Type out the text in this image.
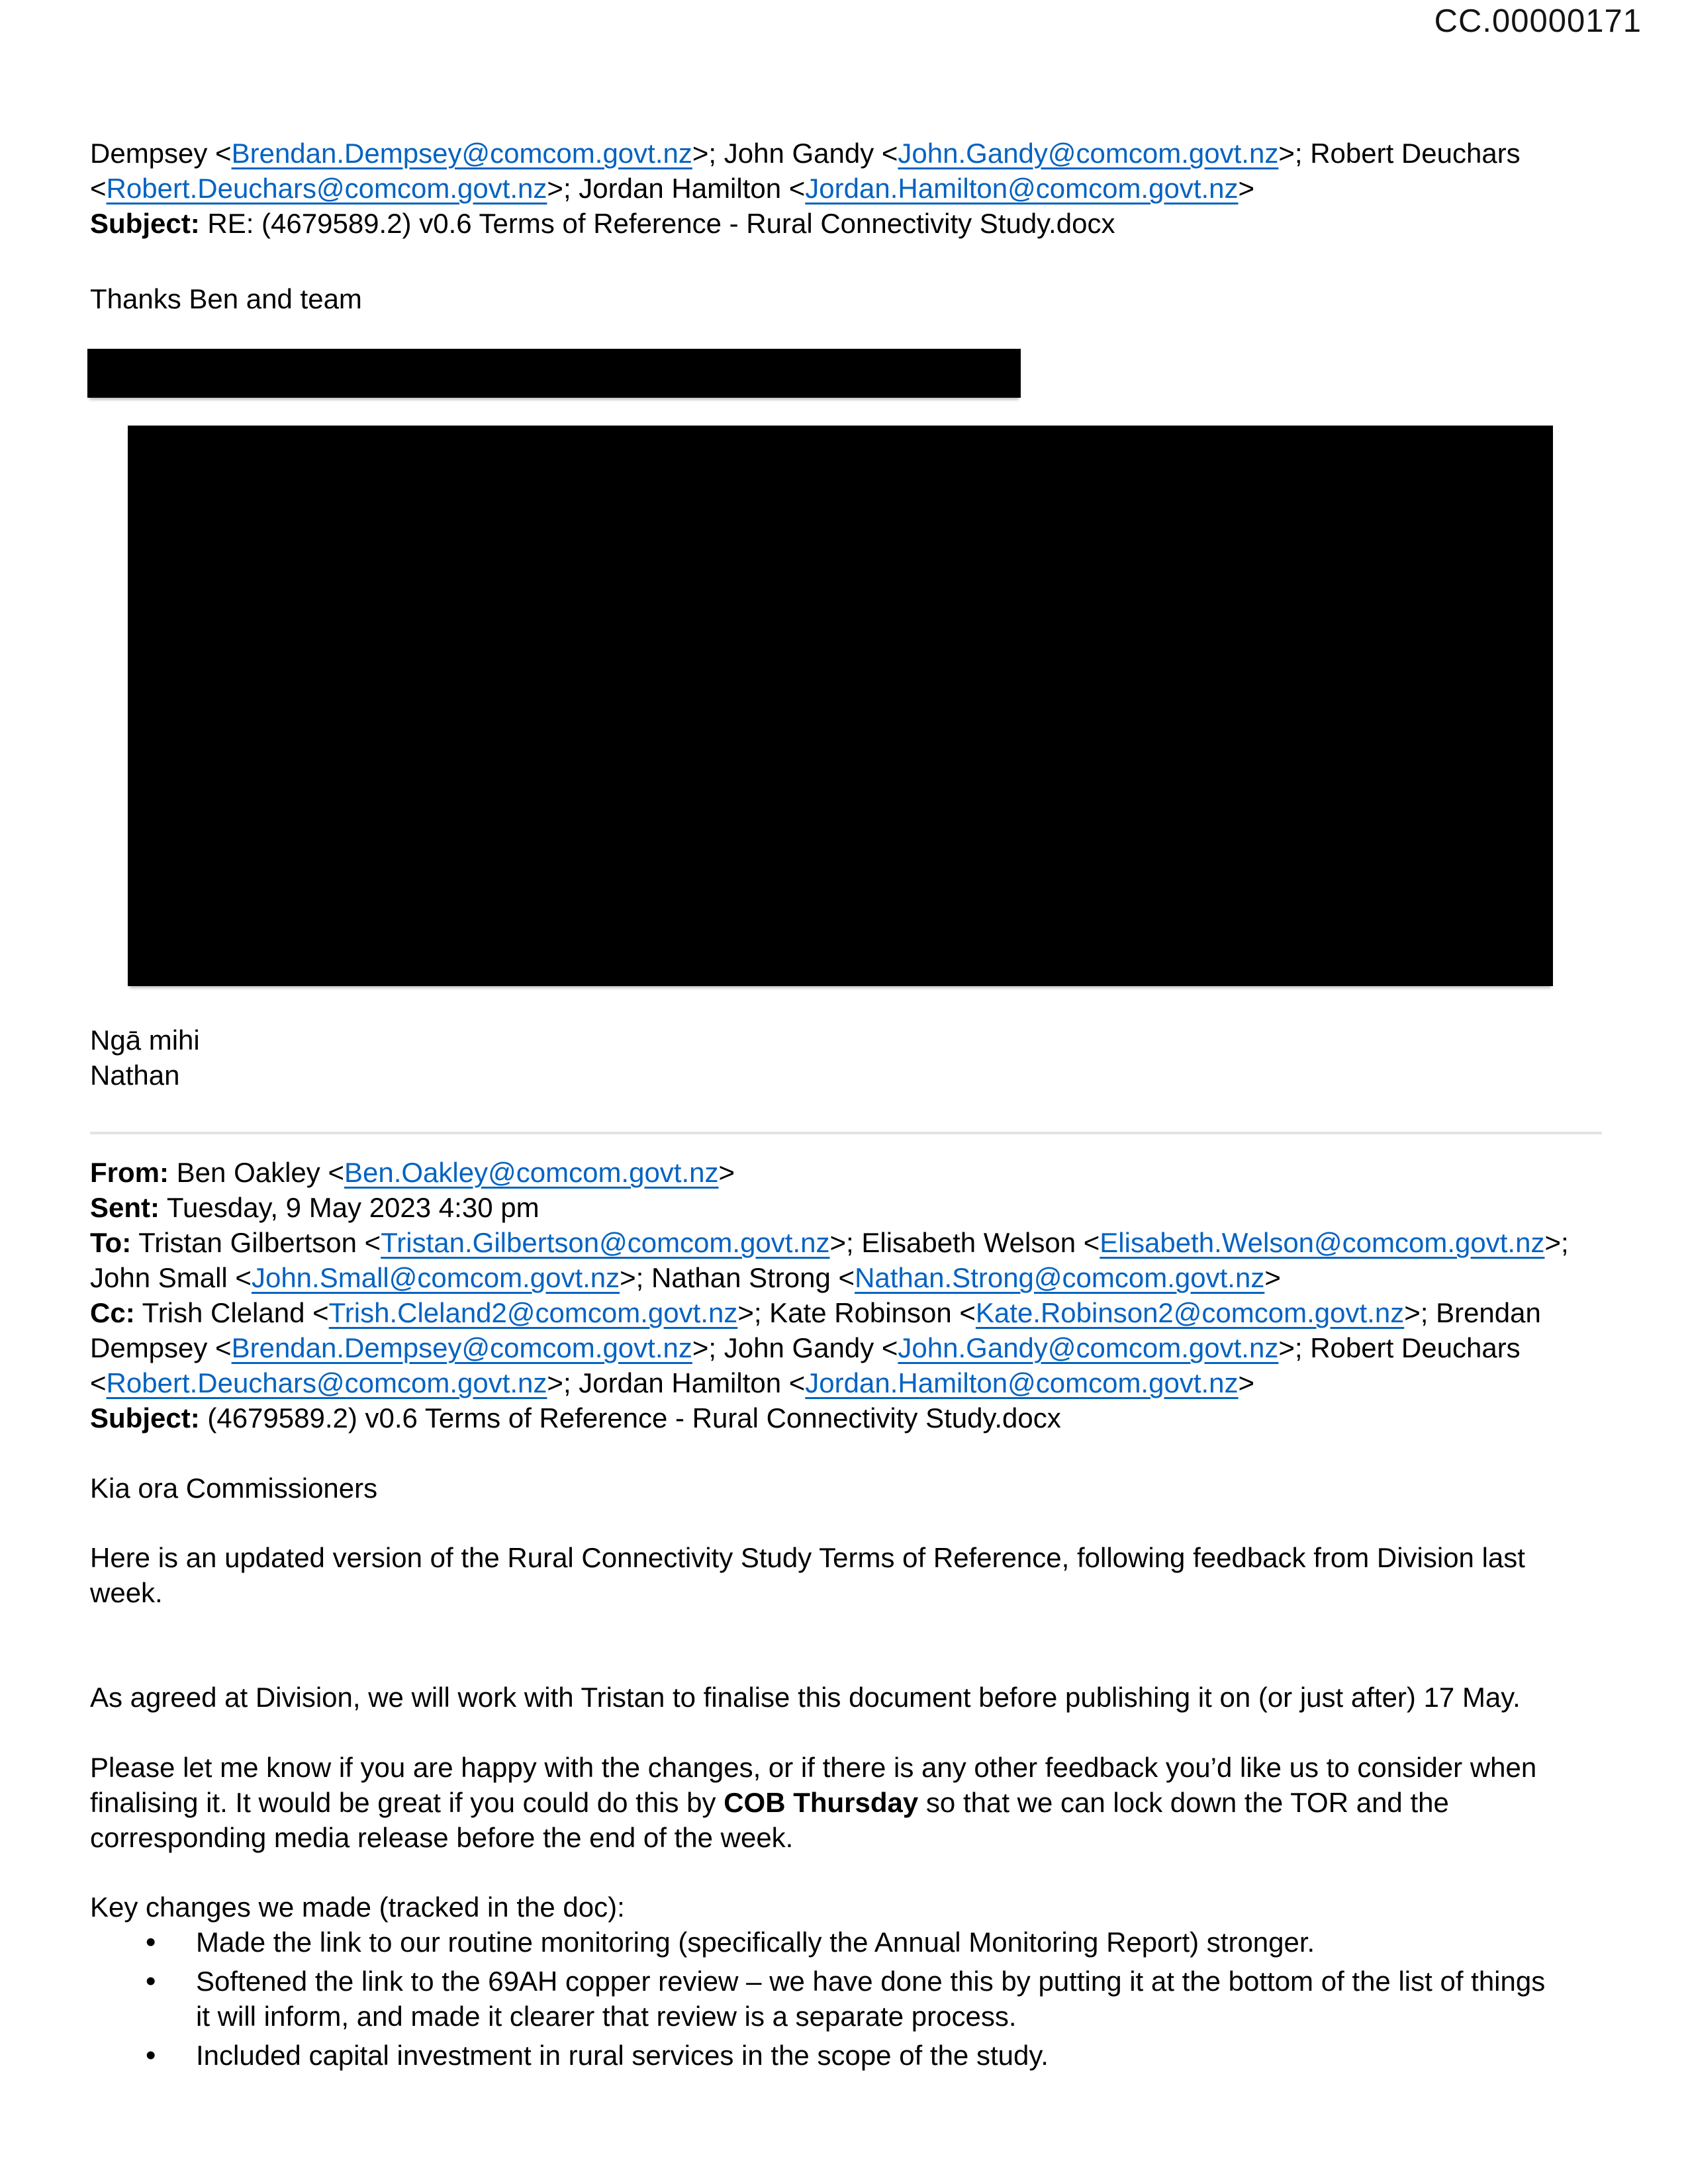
CC.00000171

Dempsey <Brendan.Dempsey@comcom.govt.nz>; John Gandy <John.Gandy@comcom.govt.nz>; Robert Deuchars
<Robert.Deuchars@comcom.govt.nz>; Jordan Hamilton <Jordan.Hamilton@comcom.govt.nz>

Subject: RE: (4679589.2) v0.6 Terms of Reference - Rural Connectivity Study.docx

Thanks Ben and team

Ngā mihi

Nathan

From: Ben Oakley <Ben.Oakley@comcom.govt.nz>

Sent: Tuesday, 9 May 2023 4:30 pm

To: Tristan Gilbertson <Tristan.Gilbertson@comcom.govt.nz>; Elisabeth Welson <Elisabeth.Welson@comcom.govt.nz>;
John Small <John.Small@comcom.govt.nz>; Nathan Strong <Nathan.Strong@comcom.govt.nz>

Cc: Trish Cleland <Trish.Cleland2@comcom.govt.nz>; Kate Robinson <Kate.Robinson2@comcom.govt.nz>; Brendan
Dempsey <Brendan.Dempsey@comcom.govt.nz>; John Gandy <John.Gandy@comcom.govt.nz>; Robert Deuchars
<Robert.Deuchars@comcom.govt.nz>; Jordan Hamilton <Jordan.Hamilton@comcom.govt.nz>

Subject: (4679589.2) v0.6 Terms of Reference - Rural Connectivity Study.docx

Kia ora Commissioners

Here is an updated version of the Rural Connectivity Study Terms of Reference, following feedback from Division last
week.

As agreed at Division, we will work with Tristan to finalise this document before publishing it on (or just after) 17 May.

Please let me know if you are happy with the changes, or if there is any other feedback you’d like us to consider when
finalising it. It would be great if you could do this by COB Thursday so that we can lock down the TOR and the
corresponding media release before the end of the week.

Key changes we made (tracked in the doc):

• Made the link to our routine monitoring (specifically the Annual Monitoring Report) stronger.
• Softened the link to the 69AH copper review – we have done this by putting it at the bottom of the list of things
it will inform, and made it clearer that review is a separate process.
• Included capital investment in rural services in the scope of the study.
